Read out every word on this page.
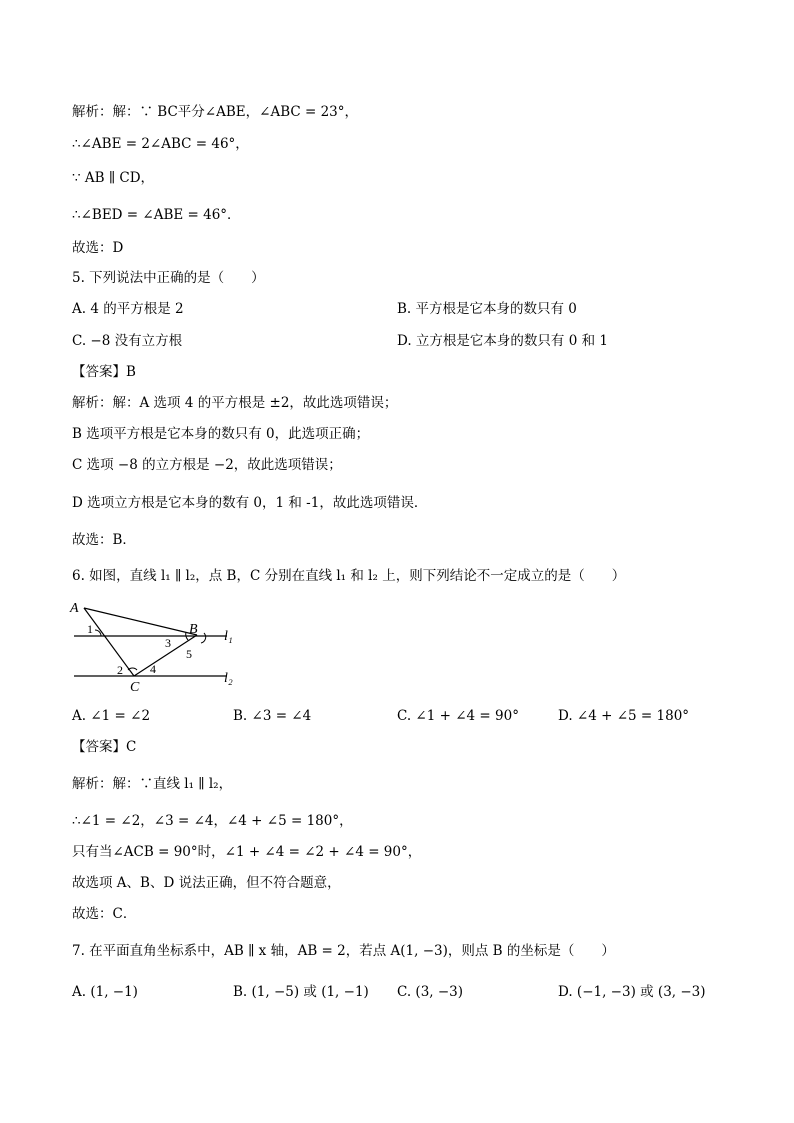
解析：解：∵ BC平分∠ABE，∠ABC = 23°，
∴∠ABE = 2∠ABC = 46°，
∵ AB ∥ CD，
∴∠BED = ∠ABE = 46°．
故选：D
5. 下列说法中正确的是（　　）
A. 4 的平方根是 2	B. 平方根是它本身的数只有 0
C. −8 没有立方根	D. 立方根是它本身的数只有 0 和 1
【答案】B
解析：解：A 选项 4 的平方根是 ±2，故此选项错误；
B 选项平方根是它本身的数只有 0，此选项正确；
C 选项 −8 的立方根是 −2，故此选项错误；
D 选项立方根是它本身的数有 0，1 和 -1，故此选项错误．
故选：B．
6. 如图，直线 l₁ ∥ l₂，点 B，C 分别在直线 l₁ 和 l₂ 上，则下列结论不一定成立的是（　　）
A
B
C
l₁
l₂
1
2
3
4
5
A. ∠1 = ∠2	B. ∠3 = ∠4	C. ∠1 + ∠4 = 90°	D. ∠4 + ∠5 = 180°
【答案】C
解析：解：∵直线 l₁ ∥ l₂，
∴∠1 = ∠2，∠3 = ∠4，∠4 + ∠5 = 180°，
只有当∠ACB = 90°时，∠1 + ∠4 = ∠2 + ∠4 = 90°，
故选项 A、B、D 说法正确，但不符合题意，
故选：C．
7. 在平面直角坐标系中，AB ∥ x 轴，AB = 2，若点 A(1, −3)，则点 B 的坐标是（　　）
A. (1, −1)	B. (1, −5) 或 (1, −1) C. (3, −3)	D. (−1, −3) 或 (3, −3)
